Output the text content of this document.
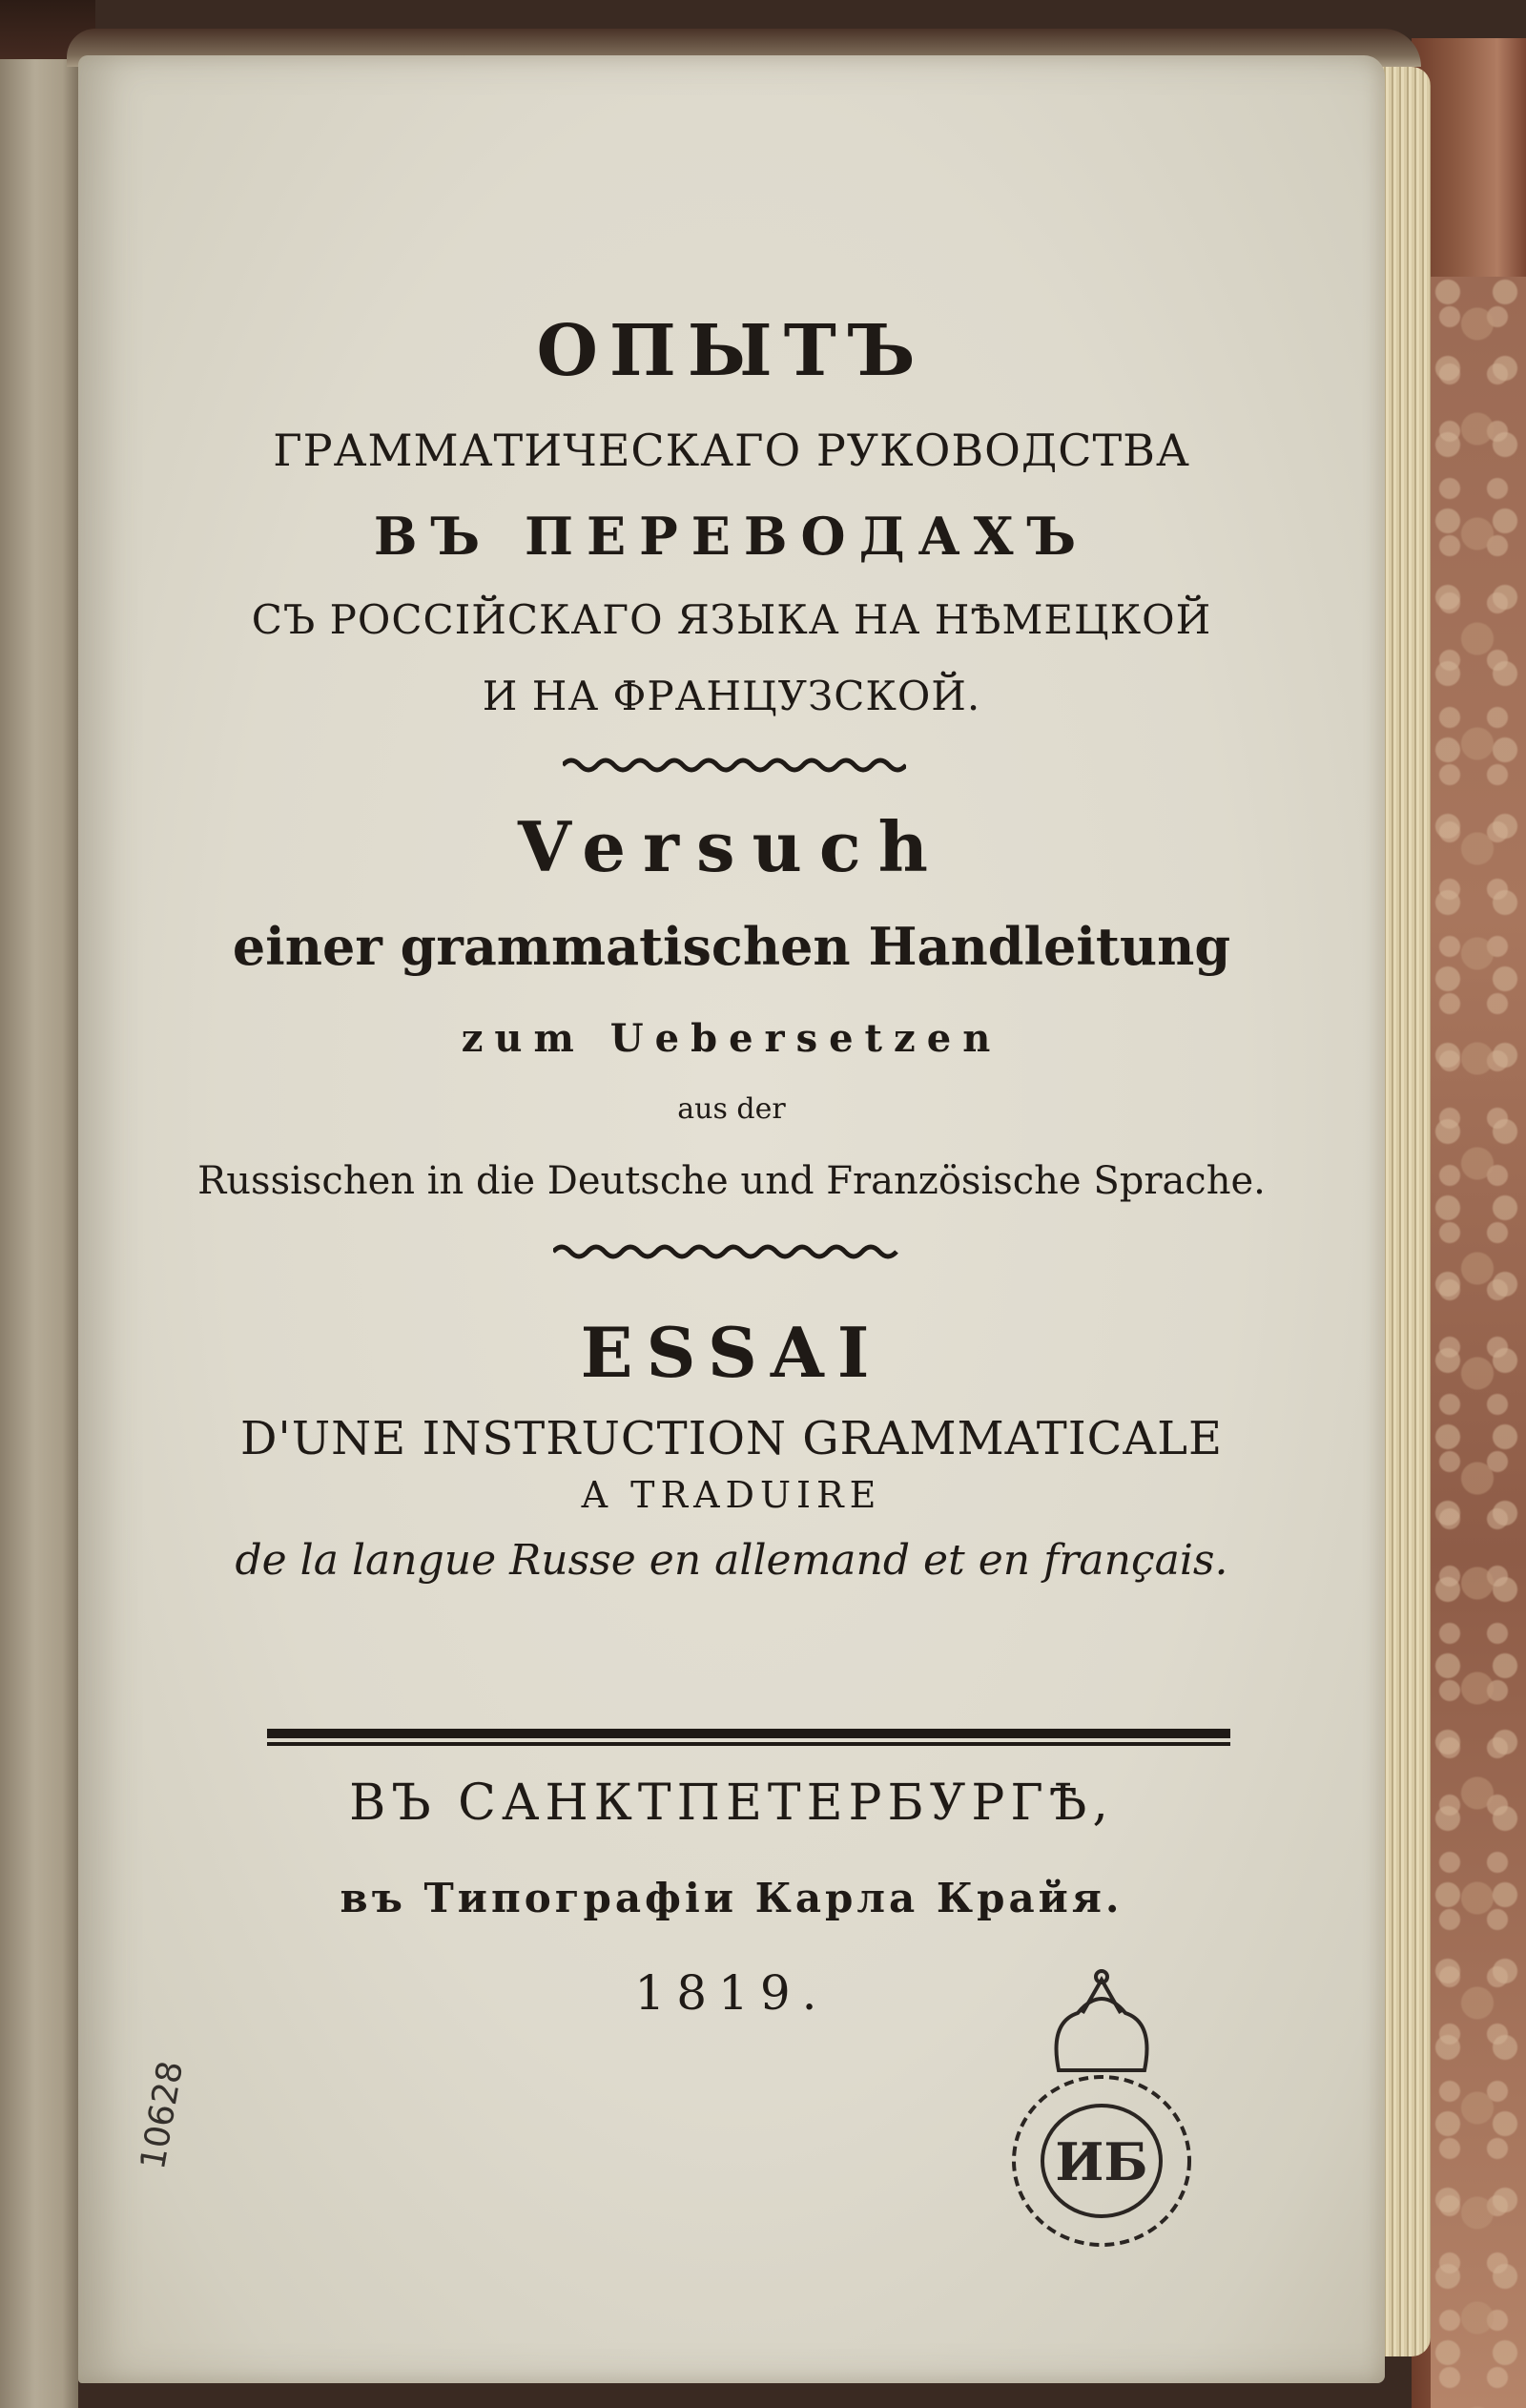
ОПЫТЪ

ГРАММАТИЧЕСКАГО РУКОВОДСТВА

ВЪ ПЕРЕВОДАХЪ

СЪ РОССІЙСКАГО ЯЗЫКА НА НѢМЕЦКОЙ

И НА ФРАНЦУЗСКОЙ.

Versuch

einer grammatischen Handleitung

zum Uebersetzen

aus der

Russischen in die Deutsche und Französische Sprache.

ESSAI

D'UNE INSTRUCTION GRAMMATICALE

A TRADUIRE

de la langue Russe en allemand et en français.

ВЪ САНКТПЕТЕРБУРГѢ,

въ Типографіи Карла Крайя.

1819.

ИБ
10628
